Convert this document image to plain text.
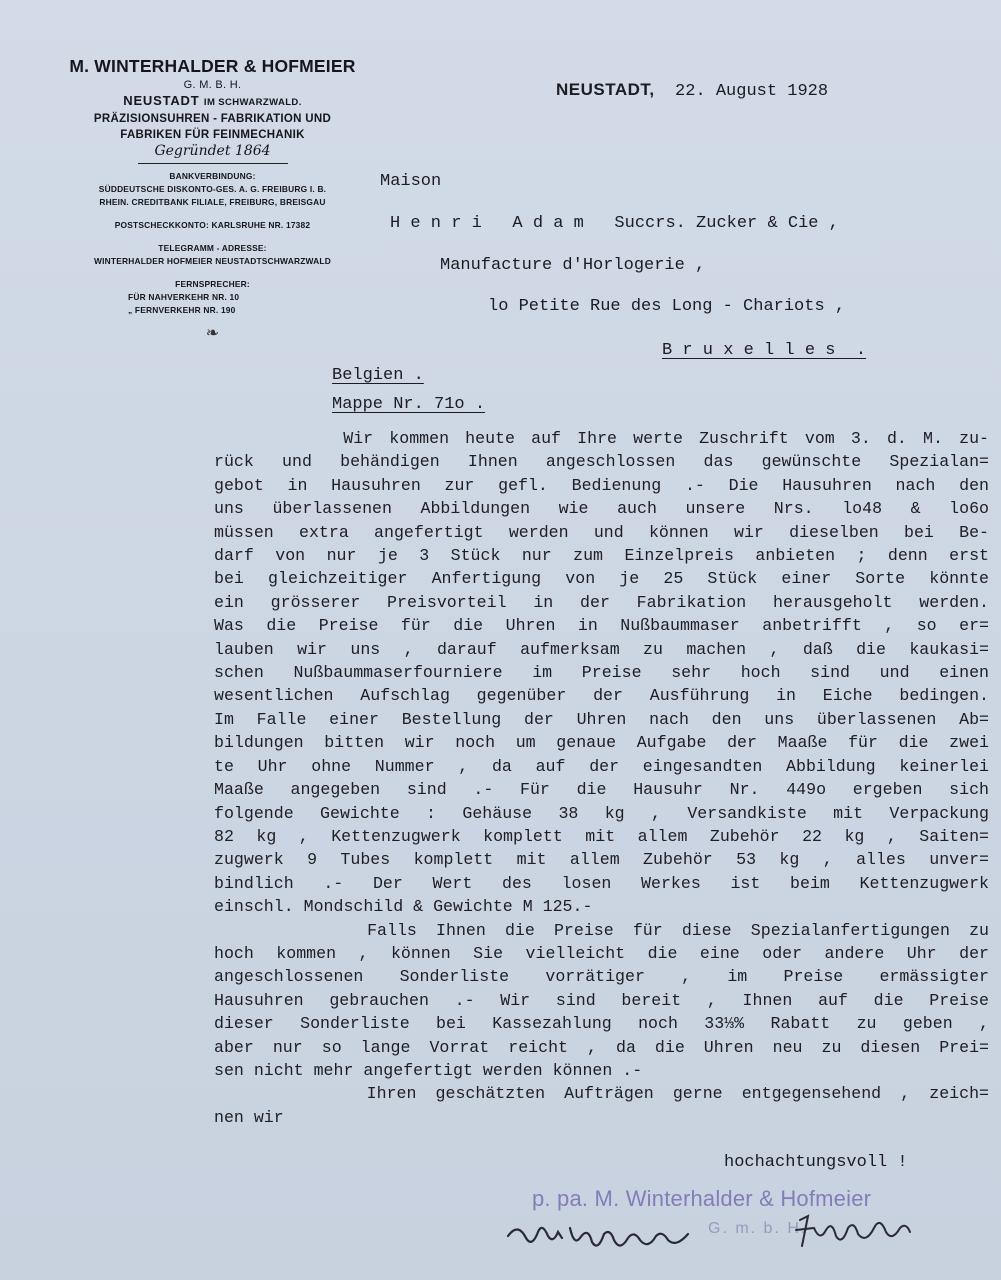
M. WINTERHALDER & HOFMEIER

G. M. B. H.

NEUSTADT IM SCHWARZWALD.

PRÄZISIONSUHREN - FABRIKATION UND

FABRIKEN FÜR FEINMECHANIK

Gegründet 1864

BANKVERBINDUNG:

SÜDDEUTSCHE DISKONTO-GES. A. G. FREIBURG I. B.

RHEIN. CREDITBANK FILIALE, FREIBURG, BREISGAU

POSTSCHECKKONTO: KARLSRUHE NR. 17382

TELEGRAMM - ADRESSE:

WINTERHALDER HOFMEIER NEUSTADTSCHWARZWALD

FERNSPRECHER:

FÜR NAHVERKEHR NR. 10

„ FERNVERKEHR NR. 190

❧
NEUSTADT, 22. August 1928
Maison
H e n r i   A d a m   Succrs. Zucker & Cie ,
Manufacture d'Horlogerie ,
lo Petite Rue des Long - Chariots ,
B r u x e l l e s  .
Belgien .
Mappe Nr. 71o .
Wir kommen heute auf Ihre werte Zuschrift vom 3. d. M. zu-
rück und behändigen Ihnen angeschlossen das gewünschte Spezialan=
gebot in Hausuhren zur gefl. Bedienung .- Die Hausuhren nach den
uns überlassenen Abbildungen wie auch unsere Nrs. lo48 & lo6o
müssen extra angefertigt werden und können wir dieselben bei Be-
darf von nur je 3 Stück nur zum Einzelpreis anbieten ; denn erst
bei gleichzeitiger Anfertigung von je 25 Stück einer Sorte könnte
ein grösserer Preisvorteil in der Fabrikation herausgeholt werden.
Was die Preise für die Uhren in Nußbaummaser anbetrifft , so er=
lauben wir uns , darauf aufmerksam zu machen , daß die kaukasi=
schen Nußbaummaserfourniere im Preise sehr hoch sind und einen
wesentlichen Aufschlag gegenüber der Ausführung in Eiche bedingen.
Im Falle einer Bestellung der Uhren nach den uns überlassenen Ab=
bildungen bitten wir noch um genaue Aufgabe der Maaße für die zwei
te Uhr ohne Nummer , da auf der eingesandten Abbildung keinerlei
Maaße angegeben sind .- Für die Hausuhr Nr. 449o ergeben sich
folgende Gewichte : Gehäuse 38 kg , Versandkiste mit Verpackung
82 kg , Kettenzugwerk komplett mit allem Zubehör 22 kg , Saiten=
zugwerk 9 Tubes komplett mit allem Zubehör 53 kg , alles unver=
bindlich .- Der Wert des losen Werkes ist beim Kettenzugwerk
einschl. Mondschild & Gewichte M 125.-
Falls Ihnen die Preise für diese Spezialanfertigungen zu
hoch kommen , können Sie vielleicht die eine oder andere Uhr der
angeschlossenen Sonderliste vorrätiger , im Preise ermässigter
Hausuhren gebrauchen .- Wir sind bereit , Ihnen auf die Preise
dieser Sonderliste bei Kassezahlung noch 33⅓% Rabatt zu geben ,
aber nur so lange Vorrat reicht , da die Uhren neu zu diesen Prei=
sen nicht mehr angefertigt werden können .-
Ihren geschätzten Aufträgen gerne entgegensehend , zeich=
nen wir
hochachtungsvoll !
p. pa. M. Winterhalder & Hofmeier
G. m. b. H.
